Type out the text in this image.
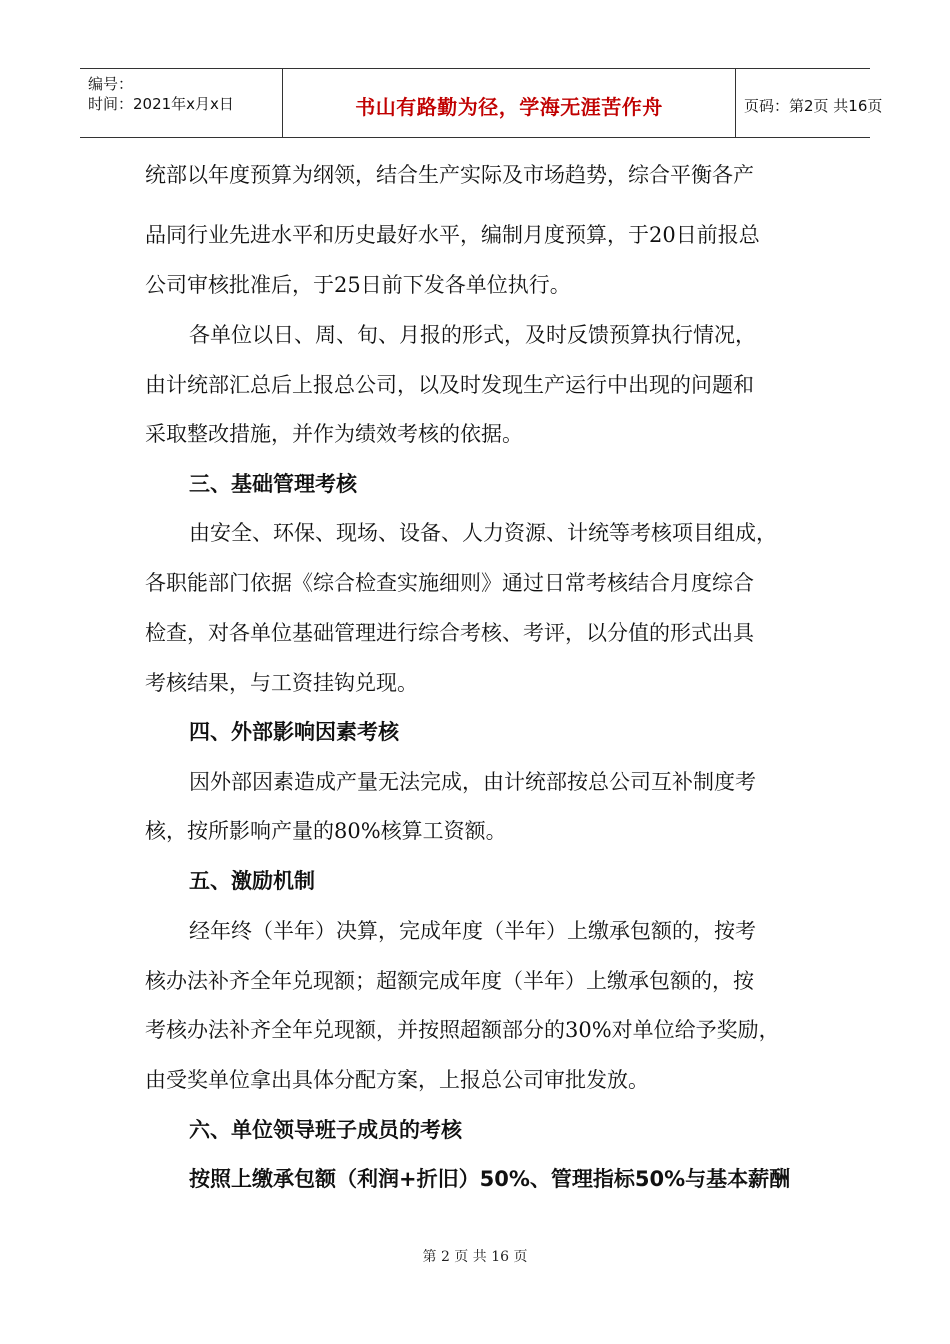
编号：
时间：2021年x月x日	书山有路勤为径，学海无涯苦作舟	页码：第2页 共16页
统部以年度预算为纲领，结合生产实际及市场趋势，综合平衡各产
品同行业先进水平和历史最好水平，编制月度预算，于20日前报总
公司审核批准后，于25日前下发各单位执行。
各单位以日、周、旬、月报的形式，及时反馈预算执行情况，
由计统部汇总后上报总公司，以及时发现生产运行中出现的问题和
采取整改措施，并作为绩效考核的依据。
三、基础管理考核
由安全、环保、现场、设备、人力资源、计统等考核项目组成，
各职能部门依据《综合检查实施细则》通过日常考核结合月度综合
检查，对各单位基础管理进行综合考核、考评，以分值的形式出具
考核结果，与工资挂钩兑现。
四、外部影响因素考核
因外部因素造成产量无法完成，由计统部按总公司互补制度考
核，按所影响产量的80%核算工资额。
五、激励机制
经年终（半年）决算，完成年度（半年）上缴承包额的，按考
核办法补齐全年兑现额；超额完成年度（半年）上缴承包额的，按
考核办法补齐全年兑现额，并按照超额部分的30%对单位给予奖励，
由受奖单位拿出具体分配方案，上报总公司审批发放。
六、单位领导班子成员的考核
按照上缴承包额（利润+折旧）50%、管理指标50%与基本薪酬
第 2 页 共 16 页
